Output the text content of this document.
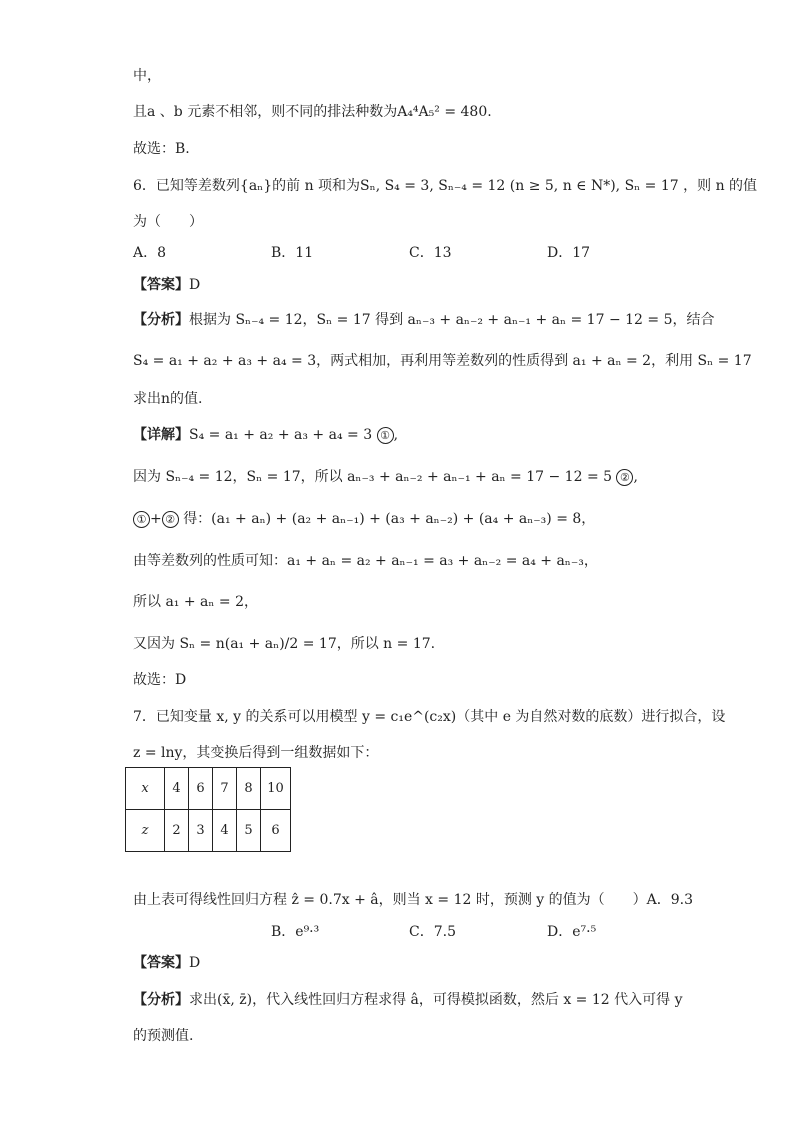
中，
且a 、b 元素不相邻，则不同的排法种数为A₄⁴A₅² = 480.
故选：B.
6．已知等差数列{aₙ}的前 n 项和为Sₙ, S₄ = 3, Sₙ₋₄ = 12 (n ≥ 5, n ∈ N*), Sₙ = 17 ，则 n 的值
为（　　）
A．8	B．11	C．13	D．17
【答案】D
【分析】根据为 Sₙ₋₄ = 12，Sₙ = 17 得到 aₙ₋₃ + aₙ₋₂ + aₙ₋₁ + aₙ = 17 − 12 = 5，结合
S₄ = a₁ + a₂ + a₃ + a₄ = 3，两式相加，再利用等差数列的性质得到 a₁ + aₙ = 2，利用 Sₙ = 17
求出n的值.
【详解】S₄ = a₁ + a₂ + a₃ + a₄ = 3 ① ,
因为 Sₙ₋₄ = 12，Sₙ = 17，所以 aₙ₋₃ + aₙ₋₂ + aₙ₋₁ + aₙ = 17 − 12 = 5 ② ,
① + ② 得：(a₁ + aₙ) + (a₂ + aₙ₋₁) + (a₃ + aₙ₋₂) + (a₄ + aₙ₋₃) = 8，
由等差数列的性质可知：a₁ + aₙ = a₂ + aₙ₋₁ = a₃ + aₙ₋₂ = a₄ + aₙ₋₃，
所以 a₁ + aₙ = 2，
又因为 Sₙ = n(a₁ + aₙ)/2 = 17，所以 n = 17.
故选：D
7．已知变量 x, y 的关系可以用模型 y = c₁e^(c₂x)（其中 e 为自然对数的底数）进行拟合，设
z = lny，其变换后得到一组数据如下：
x	4	6	7	8	10
z	2	3	4	5	6
由上表可得线性回归方程 ẑ = 0.7x + â，则当 x = 12 时，预测 y 的值为（　　）A．9.3
B．e⁹·³	C．7.5	D．e⁷·⁵
【答案】D
【分析】求出(x̄, z̄)，代入线性回归方程求得 â，可得模拟函数，然后 x = 12 代入可得 y
的预测值.
